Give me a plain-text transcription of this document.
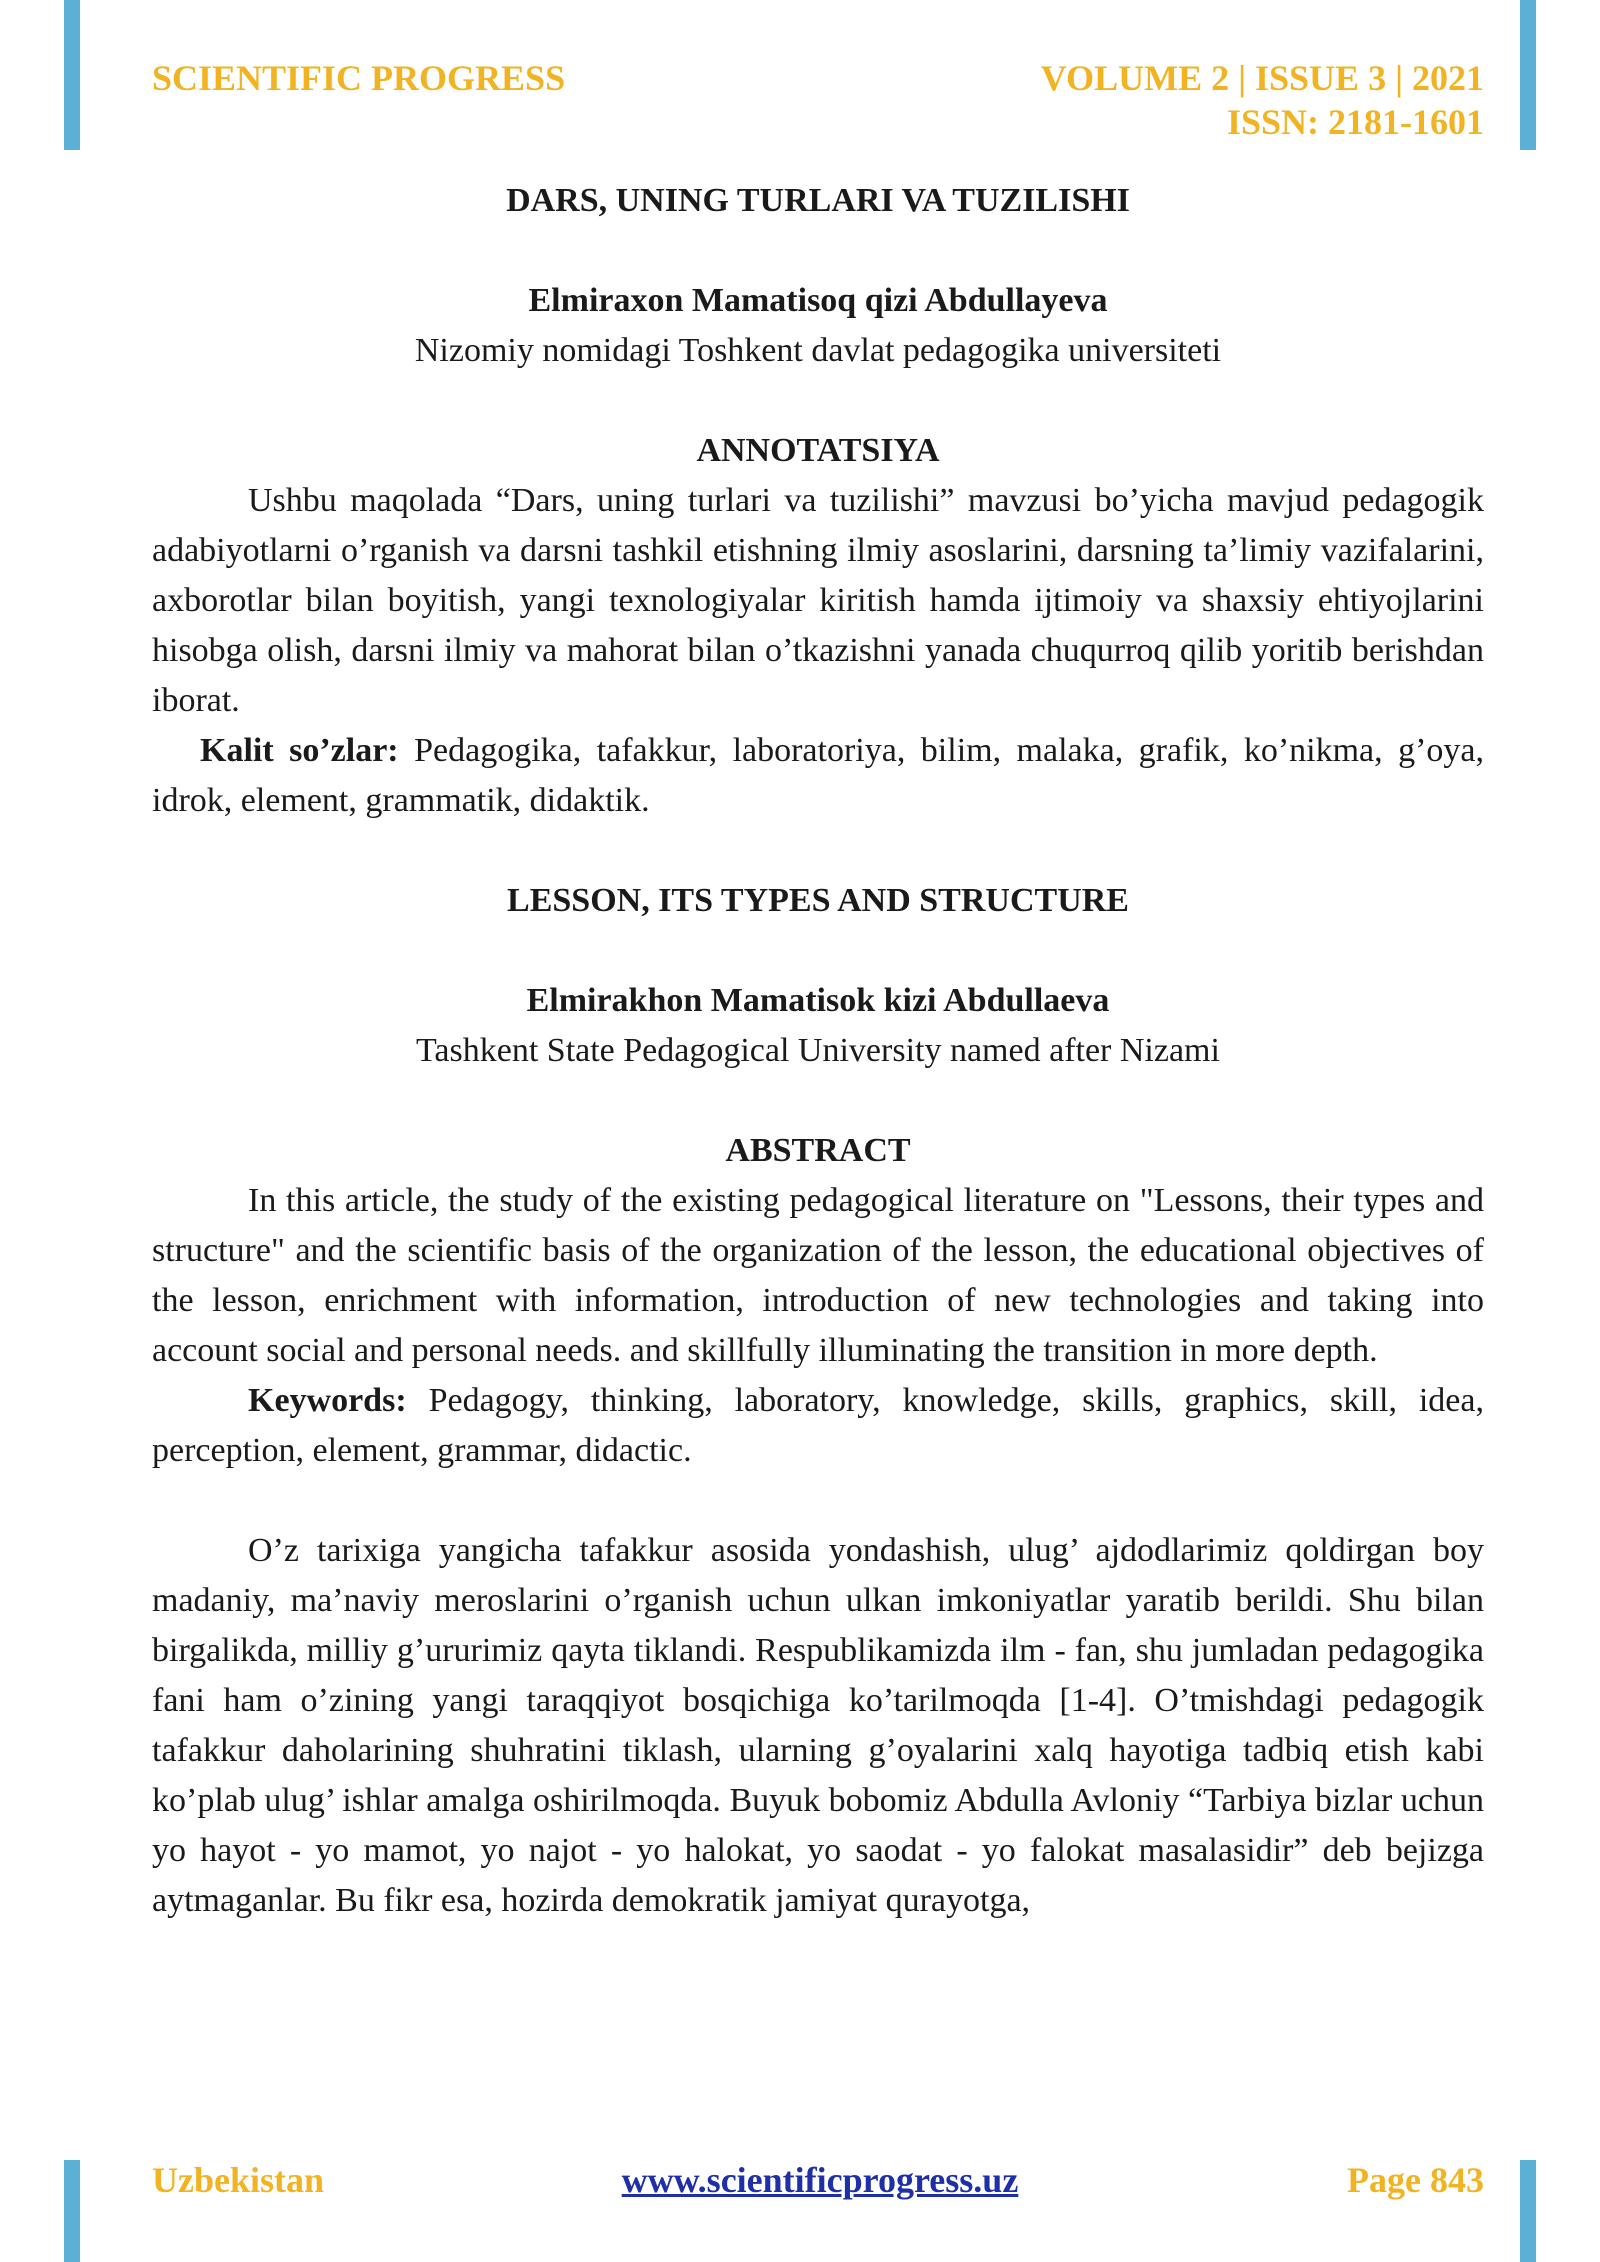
SCIENTIFIC PROGRESS	VOLUME 2 | ISSUE 3 | 2021
ISSN: 2181-1601

DARS, UNING TURLARI VA TUZILISHI

Elmiraxon Mamatisoq qizi Abdullayeva

Nizomiy nomidagi Toshkent davlat pedagogika universiteti

ANNOTATSIYA

Ushbu maqolada “Dars, uning turlari va tuzilishi” mavzusi bo’yicha mavjud pedagogik adabiyotlarni o’rganish va darsni tashkil etishning ilmiy asoslarini, darsning ta’limiy vazifalarini, axborotlar bilan boyitish, yangi texnologiyalar kiritish hamda ijtimoiy va shaxsiy ehtiyojlarini hisobga olish, darsni ilmiy va mahorat bilan o’tkazishni yanada chuqurroq qilib yoritib berishdan iborat.

Kalit so’zlar: Pedagogika, tafakkur, laboratoriya, bilim, malaka, grafik, ko’nikma, g’oya, idrok, element, grammatik, didaktik.

LESSON, ITS TYPES AND STRUCTURE

Elmirakhon Mamatisok kizi Abdullaeva

Tashkent State Pedagogical University named after Nizami

ABSTRACT

In this article, the study of the existing pedagogical literature on "Lessons, their types and structure" and the scientific basis of the organization of the lesson, the educational objectives of the lesson, enrichment with information, introduction of new technologies and taking into account social and personal needs. and skillfully illuminating the transition in more depth.

Keywords: Pedagogy, thinking, laboratory, knowledge, skills, graphics, skill, idea, perception, element, grammar, didactic.

O’z tarixiga yangicha tafakkur asosida yondashish, ulug’ ajdodlarimiz qoldirgan boy madaniy, ma’naviy meroslarini o’rganish uchun ulkan imkoniyatlar yaratib berildi. Shu bilan birgalikda, milliy g’ururimiz qayta tiklandi. Respublikamizda ilm - fan, shu jumladan pedagogika fani ham o’zining yangi taraqqiyot bosqichiga ko’tarilmoqda [1-4]. O’tmishdagi pedagogik tafakkur daholarining shuhratini tiklash, ularning g’oyalarini xalq hayotiga tadbiq etish kabi ko’plab ulug’ ishlar amalga oshirilmoqda. Buyuk bobomiz Abdulla Avloniy “Tarbiya bizlar uchun yo hayot - yo mamot, yo najot - yo halokat, yo saodat - yo falokat masalasidir” deb bejizga aytmaganlar. Bu fikr esa, hozirda demokratik jamiyat qurayotga,

Uzbekistan	www.scientificprogress.uz	Page 843
